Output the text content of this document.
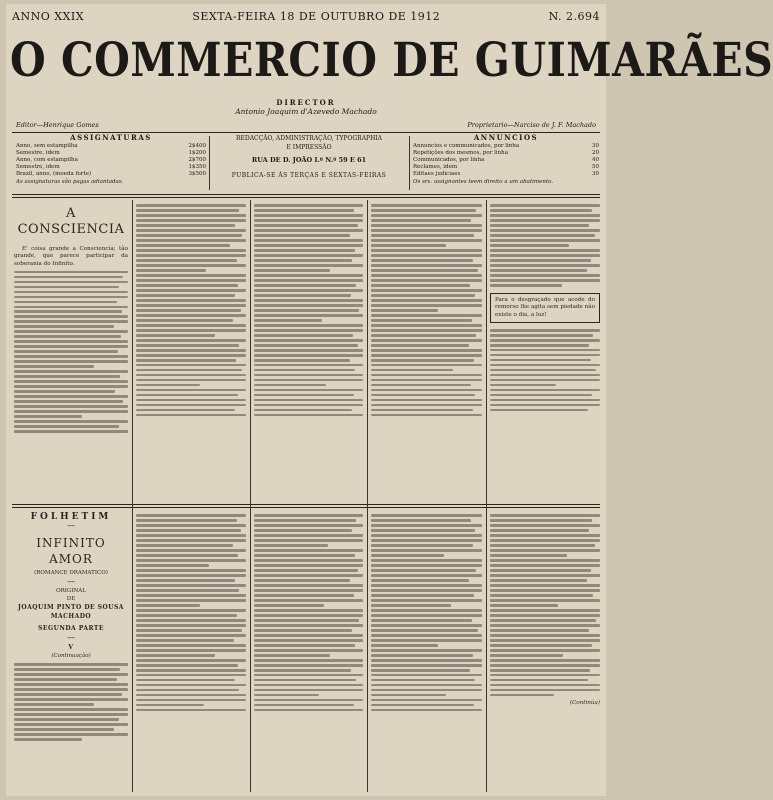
ANNO XXIX	SEXTA-FEIRA 18 DE OUTUBRO DE 1912	N. 2.694
O COMMERCIO DE GUIMARÃES
DIRECTOR
Antonio Joaquim d'Azevedo Machado
Editor—Henrique Gomes	Proprietario—Narciso de J. F. Machado
ASSIGNATURAS
Anno, sem estampilha	2$400
Semestre, idem	1$200
Anno, com estampilha	2$700
Semestre, idem	1$350
Brazil, anno, (moeda forte)	3$500
As assignaturas são pagas adiantadas.
REDACÇÃO, ADMINISTRAÇÃO, TYPOGRAPHIA
E IMPRESSÃO
RUA DE D. JOÃO I.º N.º 59 E 61
PUBLICA-SE ÁS TERÇAS E SEXTAS-FEIRAS
ANNUNCIOS
Annuncios e communicados, por linha	30
Repetições dos mesmos, por linha	20
Communicados, por linha	40
Reclames, idem	50
Editaes judiciaes	30
Os srs. assignantes teem direito a um abatimento.
A CONSCIENCIA

E' coisa grande a Consciencia; tão grande, que parece participar da soberania do Infinito.

Para o desgraçado que acode do remorso lhe agita sem piedade não existe o dia, a luz!
FOLHETIM
—
INFINITO AMOR
(ROMANCE DRAMATICO)
—
ORIGINAL
DE
JOAQUIM PINTO DE SOUSA MACHADO
SEGUNDA PARTE
—
V
(Continuação)
(Continúa)
